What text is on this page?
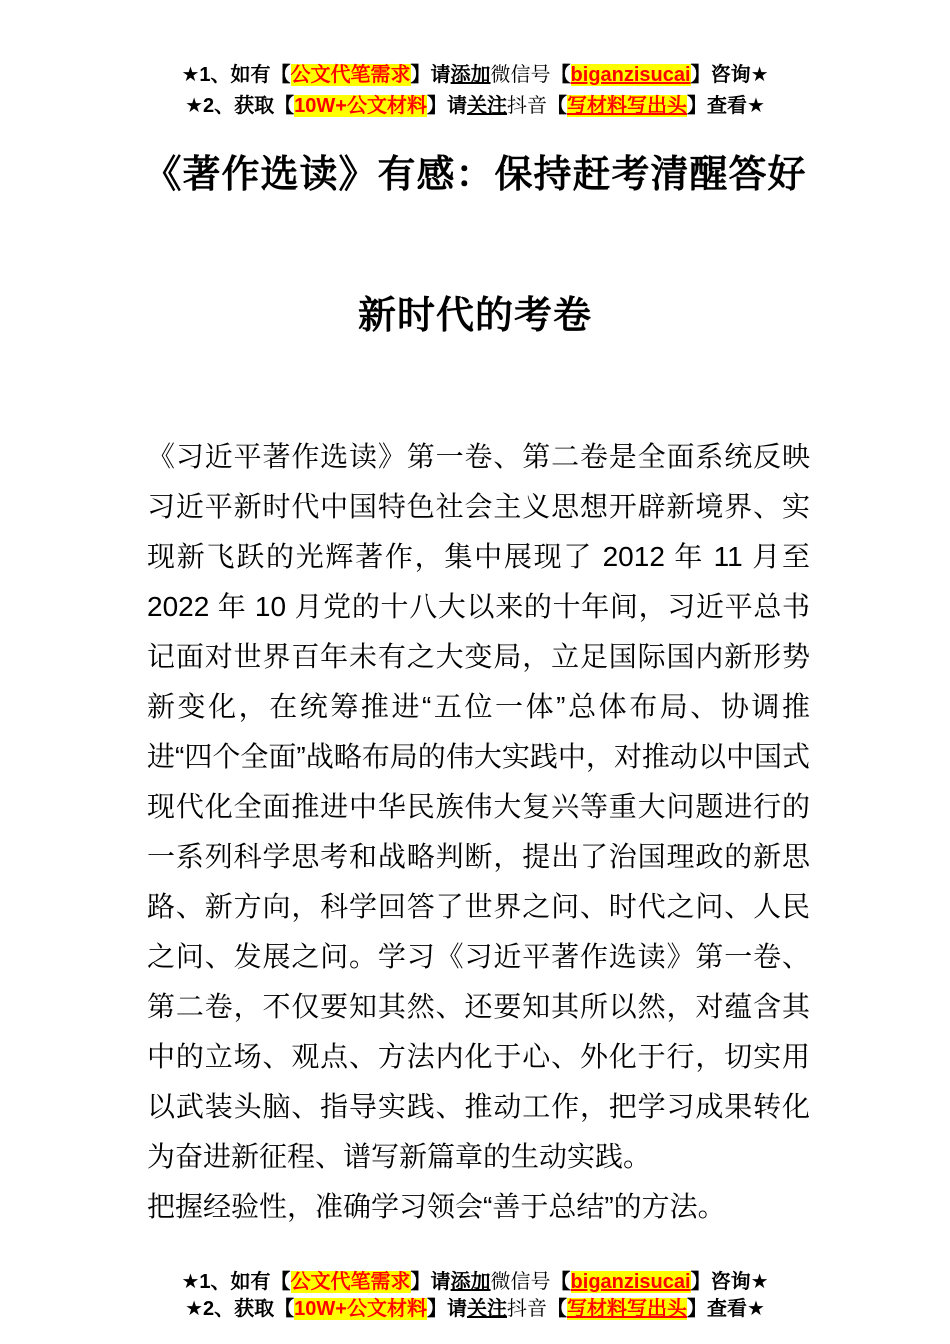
★1、如有【公文代笔需求】请添加微信号【biganzisucai】咨询★
★2、获取【10W+公文材料】请关注抖音【写材料写出头】查看★
《著作选读》有感：保持赶考清醒答好
新时代的考卷

《习近平著作选读》第一卷、第二卷是全面系统反映习近平新时代中国特色社会主义思想开辟新境界、实现新飞跃的光辉著作，集中展现了 2012 年 11 月至 2022 年 10 月党的十八大以来的十年间，习近平总书记面对世界百年未有之大变局，立足国际国内新形势新变化，在统筹推进“五位一体”总体布局、协调推进“四个全面”战略布局的伟大实践中，对推动以中国式现代化全面推进中华民族伟大复兴等重大问题进行的一系列科学思考和战略判断，提出了治国理政的新思路、新方向，科学回答了世界之问、时代之问、人民之问、发展之问。学习《习近平著作选读》第一卷、第二卷，不仅要知其然、还要知其所以然，对蕴含其中的立场、观点、方法内化于心、外化于行，切实用以武装头脑、指导实践、推动工作，把学习成果转化为奋进新征程、谱写新篇章的生动实践。

把握经验性，准确学习领会“善于总结”的方法。

★1、如有【公文代笔需求】请添加微信号【biganzisucai】咨询★
★2、获取【10W+公文材料】请关注抖音【写材料写出头】查看★
